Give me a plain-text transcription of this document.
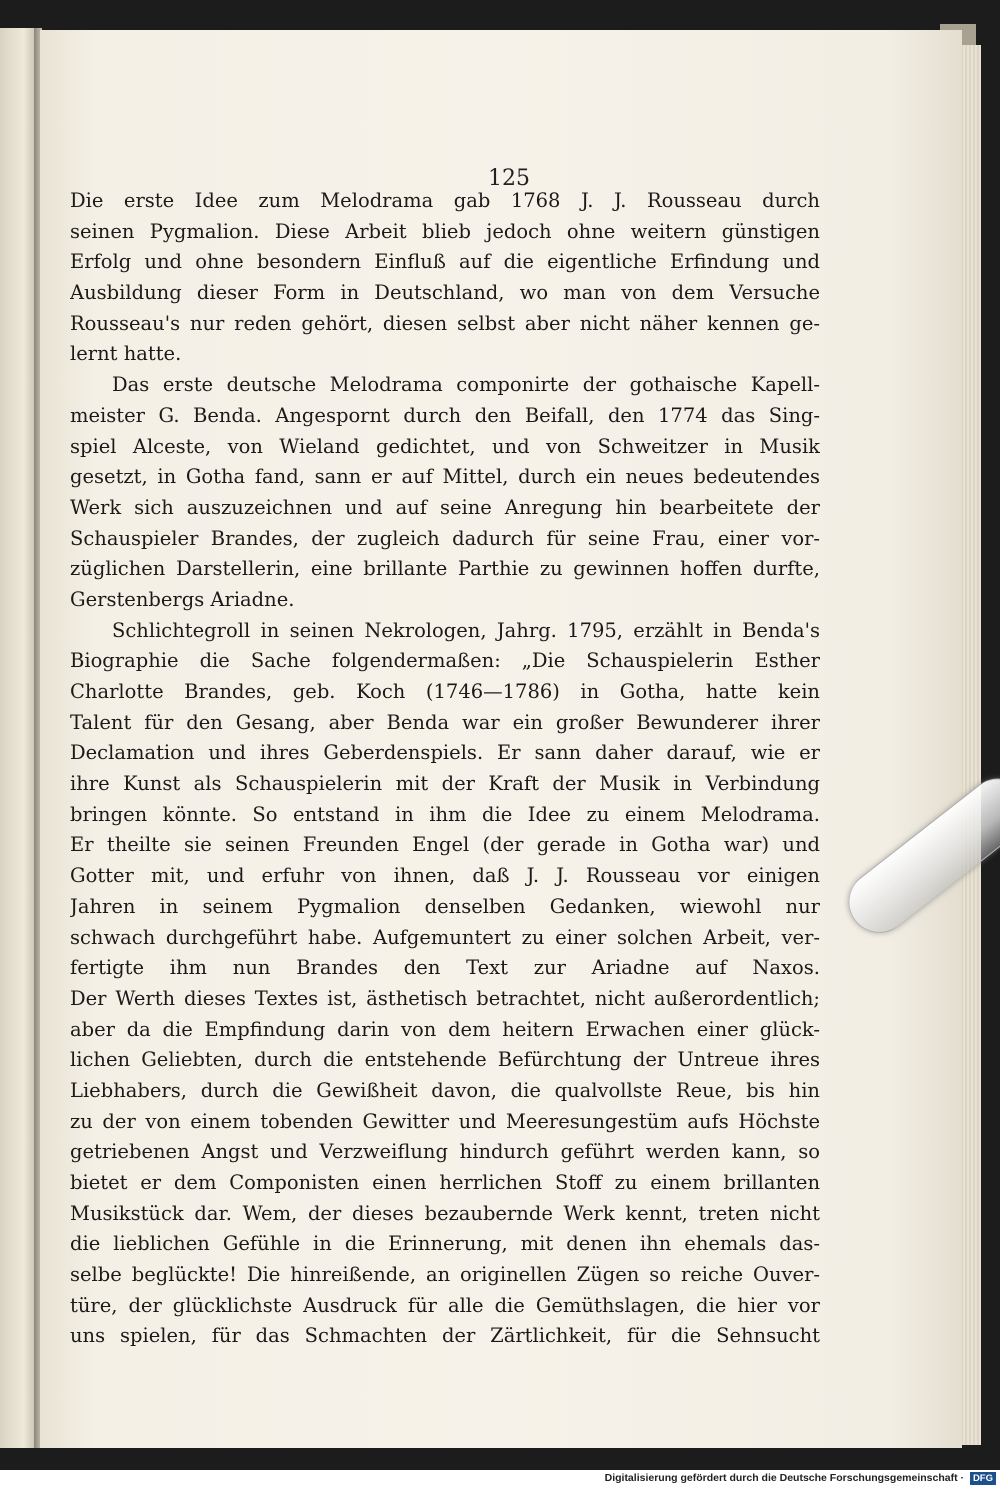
125
Die erste Idee zum Melodrama gab 1768 J. J. Rousseau durch
seinen Pygmalion. Diese Arbeit blieb jedoch ohne weitern günstigen
Erfolg und ohne besondern Einfluß auf die eigentliche Erfindung und
Ausbildung dieser Form in Deutschland, wo man von dem Versuche
Rousseau's nur reden gehört, diesen selbst aber nicht näher kennen ge-
lernt hatte.
Das erste deutsche Melodrama componirte der gothaische Kapell-
meister G. Benda. Angespornt durch den Beifall, den 1774 das Sing-
spiel Alceste, von Wieland gedichtet, und von Schweitzer in Musik
gesetzt, in Gotha fand, sann er auf Mittel, durch ein neues bedeutendes
Werk sich auszuzeichnen und auf seine Anregung hin bearbeitete der
Schauspieler Brandes, der zugleich dadurch für seine Frau, einer vor-
züglichen Darstellerin, eine brillante Parthie zu gewinnen hoffen durfte,
Gerstenbergs Ariadne.
Schlichtegroll in seinen Nekrologen, Jahrg. 1795, erzählt in Benda's
Biographie die Sache folgendermaßen: „Die Schauspielerin Esther
Charlotte Brandes, geb. Koch (1746—1786) in Gotha, hatte kein
Talent für den Gesang, aber Benda war ein großer Bewunderer ihrer
Declamation und ihres Geberdenspiels. Er sann daher darauf, wie er
ihre Kunst als Schauspielerin mit der Kraft der Musik in Verbindung
bringen könnte. So entstand in ihm die Idee zu einem Melodrama.
Er theilte sie seinen Freunden Engel (der gerade in Gotha war) und
Gotter mit, und erfuhr von ihnen, daß J. J. Rousseau vor einigen
Jahren in seinem Pygmalion denselben Gedanken, wiewohl nur
schwach durchgeführt habe. Aufgemuntert zu einer solchen Arbeit, ver-
fertigte ihm nun Brandes den Text zur Ariadne auf Naxos.
Der Werth dieses Textes ist, ästhetisch betrachtet, nicht außerordentlich;
aber da die Empfindung darin von dem heitern Erwachen einer glück-
lichen Geliebten, durch die entstehende Befürchtung der Untreue ihres
Liebhabers, durch die Gewißheit davon, die qualvollste Reue, bis hin
zu der von einem tobenden Gewitter und Meeresungestüm aufs Höchste
getriebenen Angst und Verzweiflung hindurch geführt werden kann, so
bietet er dem Componisten einen herrlichen Stoff zu einem brillanten
Musikstück dar. Wem, der dieses bezaubernde Werk kennt, treten nicht
die lieblichen Gefühle in die Erinnerung, mit denen ihn ehemals das-
selbe beglückte! Die hinreißende, an originellen Zügen so reiche Ouver-
türe, der glücklichste Ausdruck für alle die Gemüthslagen, die hier vor
uns spielen, für das Schmachten der Zärtlichkeit, für die Sehnsucht
Digitalisierung gefördert durch die Deutsche Forschungsgemeinschaft · DFG
